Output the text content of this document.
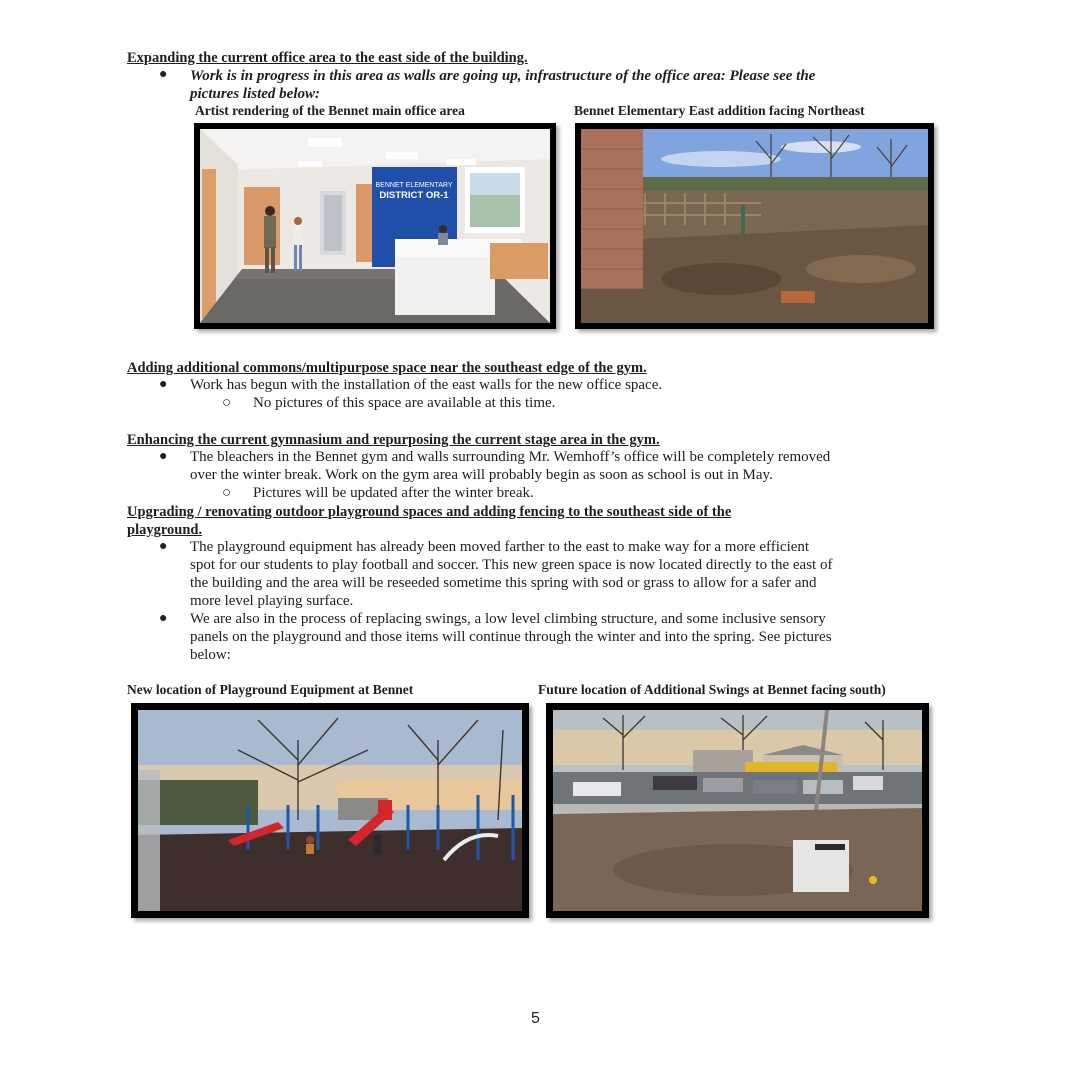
Expanding the current office area to the east side of the building.
● Work is in progress in this area as walls are going up, infrastructure of the office area: Please see the
pictures listed below:
Artist rendering of the Bennet main office area	Bennet Elementary East addition facing Northeast
BENNET ELEMENTARY
DISTRICT OR-1
Adding additional commons/multipurpose space near the southeast edge of the gym.
● Work has begun with the installation of the east walls for the new office space.
○ No pictures of this space are available at this time.
Enhancing the current gymnasium and repurposing the current stage area in the gym.
● The bleachers in the Bennet gym and walls surrounding Mr. Wemhoff’s office will be completely removed
over the winter break. Work on the gym area will probably begin as soon as school is out in May.
○ Pictures will be updated after the winter break.
Upgrading / renovating outdoor playground spaces and adding fencing to the southeast side of the
playground.
● The playground equipment has already been moved farther to the east to make way for a more efficient
spot for our students to play football and soccer. This new green space is now located directly to the east of
the building and the area will be reseeded sometime this spring with sod or grass to allow for a safer and
more level playing surface.
● We are also in the process of replacing swings, a low level climbing structure, and some inclusive sensory
panels on the playground and those items will continue through the winter and into the spring. See pictures
below:
New location of Playground Equipment at Bennet	Future location of Additional Swings at Bennet facing south)
5
